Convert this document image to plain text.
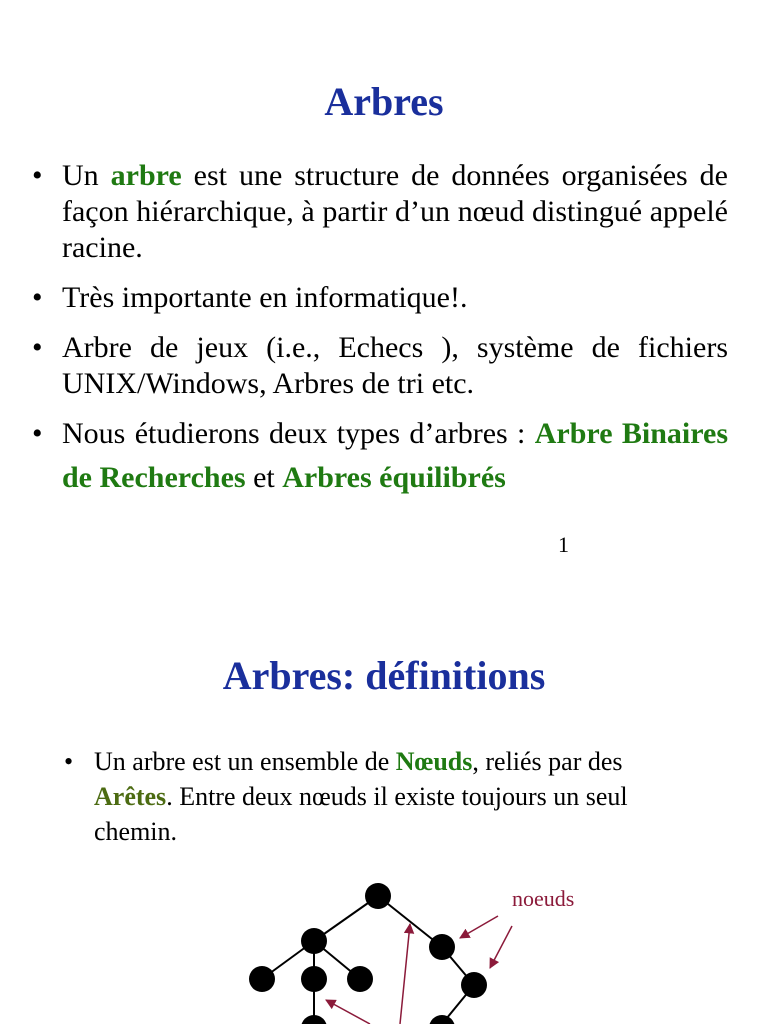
Arbres
• Un arbre est une structure de données organisées de façon hiérarchique, à partir d’un nœud distingué appelé racine.
• Très importante en informatique!.
• Arbre de jeux (i.e., Echecs ), système de fichiers UNIX/Windows, Arbres de tri etc.
• Nous étudierons deux types d’arbres : Arbre Binaires de Recherches et Arbres équilibrés
1
Arbres: définitions
• Un arbre est un ensemble de Nœuds, reliés par des Arêtes. Entre deux nœuds il existe toujours un seul chemin.
noeuds
